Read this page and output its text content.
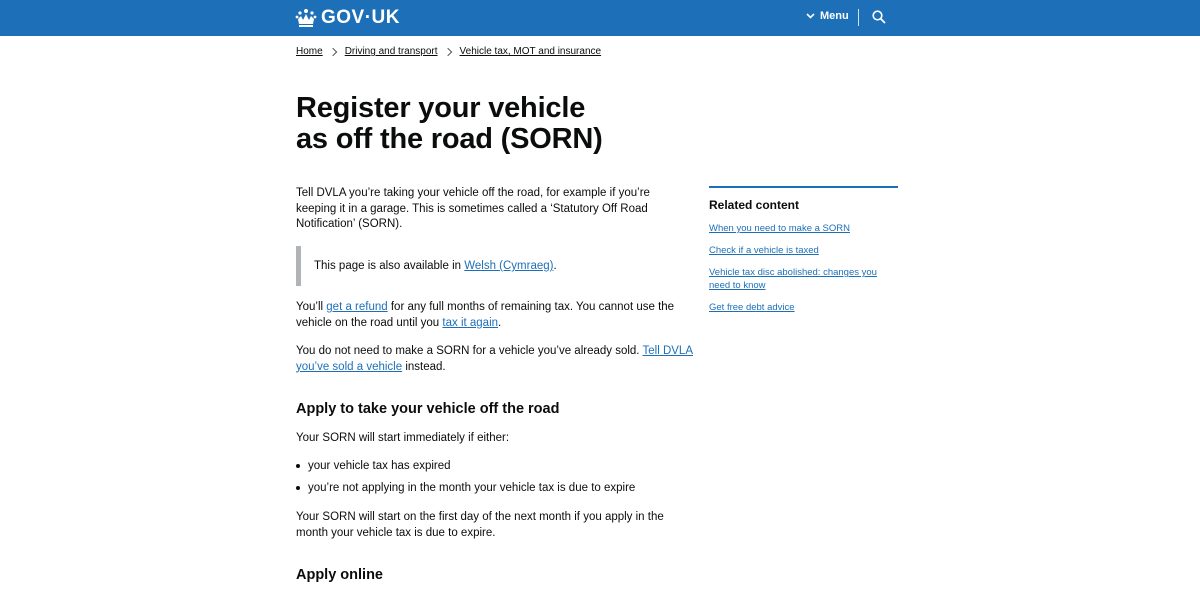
GOV·UK	Menu
Home Driving and transport Vehicle tax, MOT and insurance
Register your vehicle
as off the road (SORN)

Tell DVLA you’re taking your vehicle off the road, for example if you’re

keeping it in a garage. This is sometimes called a ‘Statutory Off Road

Notification’ (SORN).

This page is also available in Welsh (Cymraeg).
You’ll get a refund for any full months of remaining tax. You cannot use the
vehicle on the road until you tax it again.
You do not need to make a SORN for a vehicle you’ve already sold. Tell DVLA
you’ve sold a vehicle instead.
Apply to take your vehicle off the road
Your SORN will start immediately if either:
your vehicle tax has expired
you’re not applying in the month your vehicle tax is due to expire
Your SORN will start on the first day of the next month if you apply in the
month your vehicle tax is due to expire.
Apply online
Related content
When you need to make a SORN
Check if a vehicle is taxed
Vehicle tax disc abolished: changes you
need to know
Get free debt advice
